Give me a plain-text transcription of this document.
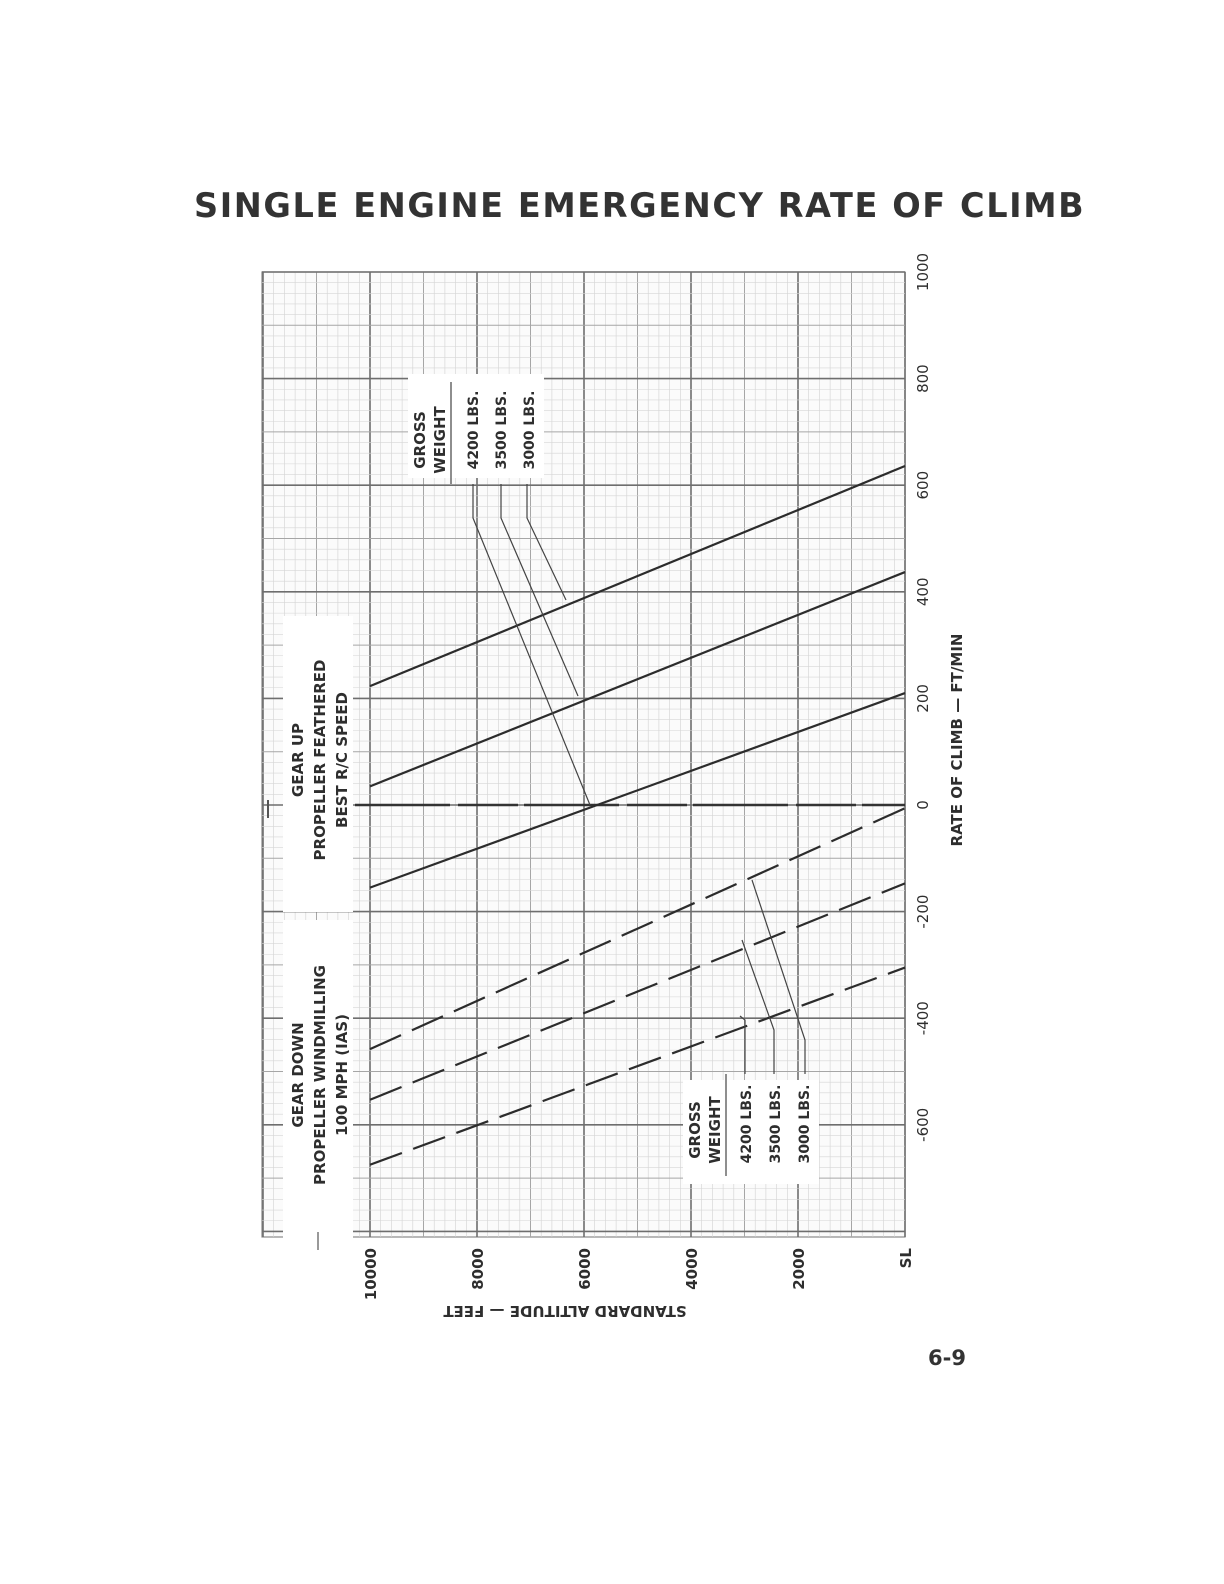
SINGLE ENGINE EMERGENCY RATE OF CLIMB
6-9
-600
-400
-200
0
200
400
600
800
1000
SL
2000
4000
6000
8000
10000
RATE OF CLIMB — FT/MIN
STANDARD ALTITUDE — FEET
GEAR UP PROPELLER FEATHERED BEST R/C SPEED
GEAR DOWN PROPELLER WINDMILLING 100 MPH (IAS)
GROSS WEIGHT 4200 LBS. 3500 LBS. 3000 LBS.
GROSS WEIGHT 4200 LBS. 3500 LBS. 3000 LBS.
